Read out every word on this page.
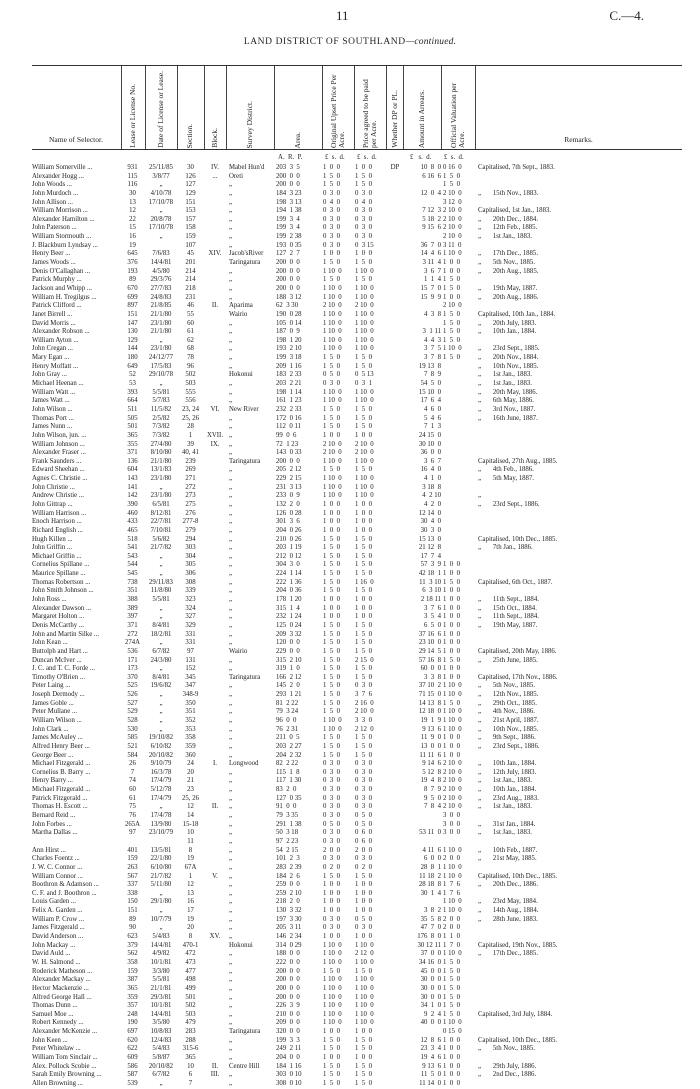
11	C.—4.
LAND DISTRICT OF SOUTHLAND—continued.
Name of Selector.	Lease or License No.	Date of License or Lease.	Section. Block.	Survey District.	Area.	Original Upset Price Per Acre. Price agreed to be paid per Acre. Whether DP or PL. Amount in Arrears.	Official Valuation per Acre.	Remarks.
A.  R.  P.	£  s.  d. £  s.  d.	£   s.  d. £  s.  d.
William Somerville ...	931	25/11/85	30	IV.	Mabel Hun'd	203  3  5	1  0  0	1  0  0	DP	10  8  0 0 16  0	Capitalised, 7th Sept., 1883.
Alexander Hogg ...	115	3/8/77	126	...	Oreti	200  0  0	1  5  0	1  5  0	6 16  6 1  5  0
John Woods ...	116	„	127	„	200  0  0	1  5  0	1  5  0	1  5  0
John Murdoch ...	30	4/10/78	129	„	184  3 23	0  3  0	0  3  0	12  0  4 2 10  0	„       15th Nov., 1883.
John Allison ...	13	17/10/78	151	„	198  3 13	0  4  0	0  4  0	3 12  0
William Morrison ...	12	„	153	„	194  1 38	0  3  0	0  3  0	7 12  3 2 10  0	Capitalised, 1st Jan., 1883.
Alexander Hamilton ...	22	20/8/78	157	„	199  3  4	0  3  0	0  3  0	5 18  2 2 10  0	„       20th Dec., 1884.
John Paterson ...	15	17/10/78	158	„	199  3  4	0  3  0	0  3  0	9 15  6 2 10  0	„       12th Feb., 1885.
William Stormouth ...	16	„	159	„	199  2 38	0  3  0	0  3  0	2 10  0	„       1st Jan., 1883.
J. Blackburn Lyndsay ...	19	107	„	193  0 35	0  3  0	0  3 15	36  7  0 3 11  0
Henry Beer ...	645	7/6/83	45	XIV.	Jacob'sRiver	127  2  7	1  0  0	1  0  0	14  4  6 1 10  0	„       17th Dec., 1885.
James Woods ...	376	14/4/81	201	Taringatura	200  0  0	1  5  0	1  5  0	3 11  4 1  0  0	„       5th Nov., 1885.
Denis O'Callaghan ...	193	4/5/80	214	„	200  0  0	1 10  0	1 10  0	3  6  7 1  0  0	„       20th Aug., 1885.
Patrick Murphy ...	89	29/3/76	214	„	200  0  0	1  5  0	1  5  0	1  1  4 1  5  0
Jackson and Whipp ...	670	27/7/83	218	„	200  0  0	1 10  0	1 10  0	15  7  0 1  5  0	„       19th May, 1887.
William H. Tregilgus ...	699	24/8/83	231	„	188  3 12	1 10  0	1 10  0	15  9  9 1  0  0	„       20th Aug., 1886.
Patrick Clifford ...	897	21/8/85	46	II.	Aparima	62  3 30	2 10  0	2 10  0	2 10  0
Janet Birrell ...	151	21/1/80	55	Wairio	190  0 28	1 10  0	1 10  0	4  3  8 1  5  0	Capitalised, 10th Jan., 1884.
David Morris ...	147	23/1/80	60	„	105  0 14	1 10  0	1 10  0	1  5  0	„       20th July, 1883.
Alexander Robson ...	130	21/1/80	61	„	187  0  9	1 10  0	1 10  0	3  1 11 1  5  0	„       10th Jan., 1884.
William Ayton ...	129	„	62	„	198  1 20	1 10  0	1 10  0	4  4  3 1  5  0
John Cregan ...	144	23/1/80	68	„	193  2 10	1 10  0	1 10  0	3  7  5 1 10  0	„       23rd Sept., 1885.
Mary Egan ...	180	24/12/77	78	„	199  3 18	1  5  0	1  5  0	3  7  8 1  5  0	„       20th Nov., 1884.
Henry Moffatt ...	649	17/5/83	96	„	209  1 16	1  5  0	1  5  0	19 13  8	„       10th Nov., 1885.
John Gray ...	52	29/10/78	502	Hokonui	183  2 33	0  5  0	0  5 13	7  8  9	„       1st Jan., 1883.
Michael Heenan ...	53	„	503	„	203  2 21	0  3  0	0  3  1	54  5  0	„       1st Jan., 1883.
William Watt ...	393	5/5/81	555	„	198  1 14	1 10  0	1 10  0	15 10  0	„       20th May, 1886.
James Watt ...	664	5/7/83	556	„	161  1 23	1 10  0	1 10  0	17  6  4	„       6th May, 1886.
John Wilson ...	511	11/5/82	23, 24	VI.	New River	232  2 33	1  5  0	1  5  0	4  6  0	„       3rd Nov., 1887.
Thomas Port ...	505	2/5/82	25, 26	„	172  0 16	1  5  0	1  5  0	5  4  6	„       16th June, 1887.
James Nunn ...	501	7/3/82	28	„	112  0 11	1  5  0	1  5  0	7  1  3
John Wilson, jun. ...	365	7/3/82	1	XVII. „	99  0  6	1  0  0	1  0  0	24 15  0
William Johnson ...	355	27/4/80	39	IX.	„	72  1 23	2 10  0	2 10  0	30 10  0
Alexander Fraser ...	371	8/10/80	40, 41	„	143  0 33	2 10  0	2 10  0	36  0  0
Frank Saunders ...	136	21/1/80	239	Taringatura	200  0  0	1 10  0	1 10  0	3  6  7	Capitalised, 27th Aug., 1885.
Edward Sheehan ...	604	13/1/83	269	„	205  2 12	1  5  0	1  5  0	16  4  0	„       4th Feb., 1886.
Agnes C. Christie ...	143	23/1/80	271	„	229  2 15	1 10  0	1 10  0	4  1  0	„       5th May, 1887.
John Christie ...	141	„	272	„	231  3 13	1 10  0	1 10  0	3 18  8
Andrew Christie ...	142	23/1/80	273	„	233  0  9	1 10  0	1 10  0	4  2 10	„
John Gittrap ...	390	6/5/81	275	„	132  2  0	1  0  0	1  0  0	4  2  0	„       23rd Sept., 1886.
William Harrison ...	460	8/12/81	276	„	126  0 28	1  0  0	1  0  0	12 14  0
Enoch Harrison ...	433	22/7/81	277-8	„	301  3  6	1  0  0	1  0  0	30  4  0
Richard English ...	465	7/10/81	279	„	204  0 26	1  0  0	1  0  0	30  3  0
Hugh Killen ...	518	5/6/82	294	„	210  0 26	1  5  0	1  5  0	15 13  0	Capitalised, 10th Dec., 1885.
John Griffin ...	541	21/7/82	303	„	203  1 19	1  5  0	1  5  0	21 12  8	„       7th Jan., 1886.
Michael Griffin ...	543	„	304	„	212  0 12	1  5  0	1  5  0	17  7  4
Cornelius Spillane ...	544	„	305	„	304  3  0	1  5  0	1  5  0	57  3  9 1  0  0
Maurice Spillane ...	545	„	306	„	224  1 14	1  5  0	1  5  0	42 18  1 1  0  0
Thomas Robertson ...	738	29/11/83	308	„	222  1 36	1  5  0	1 16  0	11  3 10 1  5  0	Capitalised, 6th Oct., 1887.
John Smith Johnson ...	351	11/8/80	339	„	204  0 36	1  5  0	1  5  0	6  3 10 1  0  0
John Ross ...	388	5/5/81	323	„	178  1 20	1  0  0	1  0  0	2 18 11 1  0  0	„       11th Sept., 1884.
Alexander Dawson ...	389	„	324	„	315  1  4	1  0  0	1  0  0	3  7  6 1  0  0	„       15th Oct., 1884.
Margaret Holton ...	397	„	327	„	232  1 24	1  0  0	1  0  0	3  5  4 1  0  0	„       11th Sept., 1884.
Denis McCarthy ...	371	8/4/81	329	„	125  0 24	1  5  0	1  5  0	6  5  0 1  0  0	„       19th May, 1887.
John and Martin Silke ...	272	18/2/81	331	„	209  3 32	1  5  0	1  5  0	37 16  6 1  0  0
John Kean ...	274A	„	331	„	120  0  0	1  5  0	1  5  0	23 10  0 1  0  0
Buttolph and Hart ...	536	6/7/82	97	Wairio	229  0  0	1  5  0	1  5  0	29 14  5 1  0  0	Capitalised, 20th May, 1886.
Duncan McIver ...	171	24/3/80	131	„	315  2 10	1  5  0	2 15  0	57 16  8 1  5  0	„       25th June, 1885.
J. C. and T. C. Forde ...	173	„	152	„	319  1  0	1  5  0	1  5  0	60  0  0 1  0  0
Timothy O'Brien ...	370	8/4/81	345	Taringatura	166  2 12	1  5  0	1  5  0	3  3  8 1  0  0	Capitalised, 17th Nov., 1886.
Peter Laing ...	525	19/6/82	347	„	145  2  0	1  5  0	0  3  0	37 10  2 1 10  0	„       5th Nov., 1885.
Joseph Dermody ...	526	„	348-9	„	293  1 21	1  5  0	3  7  6	71 15  0 1 10  0	„       12th Nov., 1885.
James Goble ...	527	„	350	„	81  2 22	1  5  0	2 16  0	14 13  8 1  5  0	„       29th Oct., 1885.
Peter Mullane ...	529	„	351	„	79  3 24	1  5  0	2 10  0	12 18  0 1 10  0	„       4th Nov., 1886.
William Wilson ...	528	„	352	„	96  0  0	1 10  0	3  3  0	19  1  9 1 10  0	„       21st April, 1887.
John Clark ...	530	„	353	„	76  2 31	1 10  0	2 12  0	9 13  6 1 10  0	„       10th Nov., 1885.
James McAuley ...	585	19/10/82	358	„	211  0  5	1  5  0	1  5  0	11  9  0 1  0  0	„       9th Sept., 1886.
Alfred Henry Beer ...	521	6/10/82	359	„	203  2 27	1  5  0	1  5  0	13  0  0 1  0  0	„       23rd Sept., 1886.
George Beer ...	584	20/10/82	360	„	204  2 32	1  5  0	1  5  0	11 11  6 1  0  0
Michael Fitzgerald ...	26	9/10/79	24	I.	Longwood	82  2 22	0  3  0	0  3  0	9 14  6 2 10  0	„       10th Jan., 1884.
Cornelius B. Barry ...	7	16/3/78	20	„	115  1  8	0  3  0	0  3  0	5 12  8 2 10  0	„       12th July, 1883.
Henry Barry ...	74	17/4/79	21	„	117  1 30	0  3  0	0  3  0	19  4  8 2 10  0	„       1st Jan., 1883.
Michael Fitzgerald ...	60	5/12/78	23	„	83  2  0	0  3  0	0  3  0	8  7  9 2 10  0	„       10th Jan., 1884.
Patrick Fitzgerald ...	61	17/4/79	25, 26	„	127  0 35	0  3  0	0  3  0	9  5  0 2 10  0	„       23rd Aug., 1883.
Thomas H. Escott ...	75	„	12	II.	„	91  0  0	0  3  0	0  3  0	7  8  4 2 10  0	„       1st Jan., 1883.
Bernard Reid ...	76	17/4/78	14	„	79  3 35	0  3  0	0  5  0	3  0  0
John Forbes ...	265A	13/9/80	15-18	„	291  1 38	0  5  0	0  5  0	3  0  0	„       31st Jan., 1884.
Martha Dallas ...	97	23/10/79	10	„	50  3 18	0  3  0	0  6  0	53 11  0 3  0  0	„       1st Jan., 1883.
11	„	97  2 23	0  3  0	0  6  0
Ann Hirst ...	401	13/5/81	8	„	54  2 15	2  0  0	2  0  0	4 11  6 1 10  0	„       10th Feb., 1887.
Charles Foentz ...	159	22/1/80	19	„	101  2  3	0  3  0	0  3  0	6  0  0 2  0  0	„       21st May, 1885.
J. W. C. Connor ...	263	6/10/80	67A	„	283  2 39	0  2  0	0  2  0	28  8  1 1 10  0
William Connor ...	567	21/7/82	1	V.	„	184  2  6	1  5  0	1  5  0	11 18  2 1 10  0	Capitalised, 10th Dec., 1885.
Boothron & Adamson ...	337	5/11/80	12	„	259  0  0	1  0  0	1  0  0	28 18  8 1  7  6	„       20th Dec., 1886.
C. F. and J. Boothron ...	338	„	13	„	259  2 10	1  0  0	1  0  0	30  1  4 1  7  6
Louis Garden ...	150	29/1/80	16	„	218  2  0	1  0  0	1  0  0	1 10  0	„       23rd May, 1884.
Felix A. Garden ...	151	„	17	„	130  3 32	1  0  0	1  0  0	3  8  2 1 10  0	„       14th Aug., 1884.
William P. Crow ...	89	10/7/79	19	„	197  3 30	0  3  0	0  5  0	35  5  8 2  0  0	„       28th June, 1883.
James Fitzgerald ...	90	„	20	„	205  3 11	0  3  0	0  3  0	47  7  0 2  0  0
David Anderson ...	623	5/4/83	8	XV.	„	146  2 34	1  0  0	1  0  0	176  8  0 1  1  0
John Mackay ...	379	14/4/81	470-1	Hokonui	314  0 29	1 10  0	1 10  0	30 12 11 1  7  0	Capitalised, 19th Nov., 1885.
David Auld ...	562	4/9/82	472	„	188  0  0	1 10  0	2 12  0	37  0  0 1 10  0	„       17th Dec., 1885.
W. H. Salmond ...	358	10/1/81	473	„	222  0  0	1 10  0	1 10  0	34 16  0 1  5  0
Roderick Matheson ...	159	3/3/80	477	„	200  0  0	1  5  0	1  5  0	45  0  0 1  5  0
Alexander Mackay ...	387	5/5/81	498	„	200  0  0	1 10  0	1 10  0	30  0  0 1  5  0
Hector Mackenzie ...	365	21/1/81	499	„	200  0  0	1 10  0	1 10  0	30  0  0 1  5  0
Alfred George Hall ...	359	29/3/81	501	„	200  0  0	1 10  0	1 10  0	30  0  0 1  5  0
Thomas Dunn ...	357	10/1/81	502	„	226  3  9	1 10  0	1 10  0	34  1  0 1  5  0
Samuel Moe ...	248	14/4/81	503	„	210  0  0	1 10  0	1 10  0	9  2  4 1  5  0	Capitalised, 3rd July, 1884.
Robert Kennedy ...	190	3/5/80	479	„	209  0  0	1 10  0	1 10  0	40  0  0 1 10  0
Alexander McKenzie ...	697	10/8/83	283	Taringatura	320  0  0	1  0  0	1  0  0	0 15  0
John Keen ...	620	12/4/83	288	„	199  3  3	1  5  0	1  5  0	12  8  6 1  0  0	Capitalised, 10th Dec., 1885.
Peter Whitelaw ...	622	5/4/83	315-6	„	249  2 11	1  5  0	1  5  0	23  3  4 1  0  0	„       5th Nov., 1885.
William Tom Sinclair ...	609	5/8/87	365	„	204  0  0	1  0  0	1  0  0	19  4  6 1  0  0
Alex. Pollock Scobie ...	586	20/10/82	10	II.	Centre Hill	184  1 16	1  5  0	1  5  0	9 13  6 1  0  0	„       29th July, 1886.
Sarah Emily Browning ...	587	6/7/82	6	III.	„	303  0 10	1  5  0	1  5  0	11  5  0 1  0  0	„       2nd Dec., 1886.
Allen Browning ...	539	„	7	„	308  0 10	1  5  0	1  5  0	11 14  0 1  0  0
